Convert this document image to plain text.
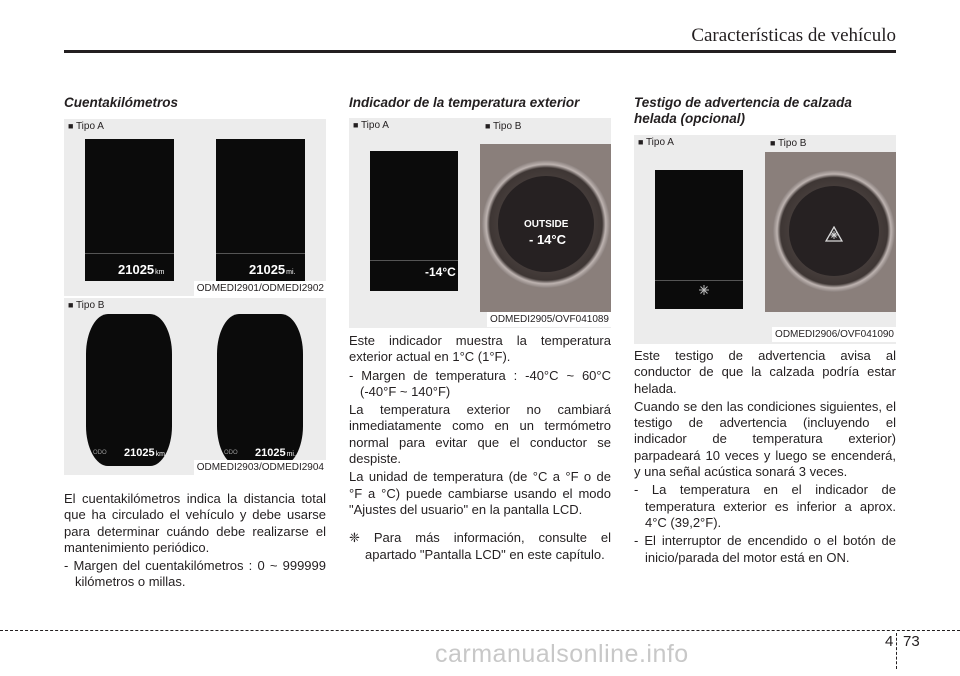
Características de vehículo
Cuentakilómetros
■ Tipo A
21025km	21025mi.
ODMEDI2901/ODMEDI2902
■ Tipo B
ODO 21025km	ODO 21025mi.
ODMEDI2903/ODMEDI2904

El cuentakilómetros indica la distancia total que ha circulado el vehículo y debe usarse para determinar cuándo debe realizarse el mantenimiento periódico.

- Margen del cuentakilómetros : 0 ~ 999999 kilómetros o millas.

Indicador de la temperatura exterior
■ Tipo A	■ Tipo B
-14°C
OUTSIDE
- 14°C
ODMEDI2905/OVF041089

Este indicador muestra la temperatura exterior actual en 1°C (1°F).

- Margen de temperatura : -40°C ~ 60°C (-40°F ~ 140°F)

La temperatura exterior no cambiará inmediatamente como en un termómetro normal para evitar que el conductor se despiste.

La unidad de temperatura (de °C a °F o de °F a °C) puede cambiarse usando el modo "Ajustes del usuario" en la pantalla LCD.

❈ Para más información, consulte el apartado "Pantalla LCD" en este capítulo.

Testigo de advertencia de calzada helada (opcional)
■ Tipo A	■ Tipo B
ODMEDI2906/OVF041090

Este testigo de advertencia avisa al conductor de que la calzada podría estar helada.

Cuando se den las condiciones siguientes, el testigo de advertencia (incluyendo el indicador de temperatura exterior) parpadeará 10 veces y luego se encenderá, y una señal acústica sonará 3 veces.

- La temperatura en el indicador de temperatura exterior es inferior a aprox. 4°C (39,2°F).

- El interruptor de encendido o el botón de inicio/parada del motor está en ON.

4 73
carmanualsonline.info
